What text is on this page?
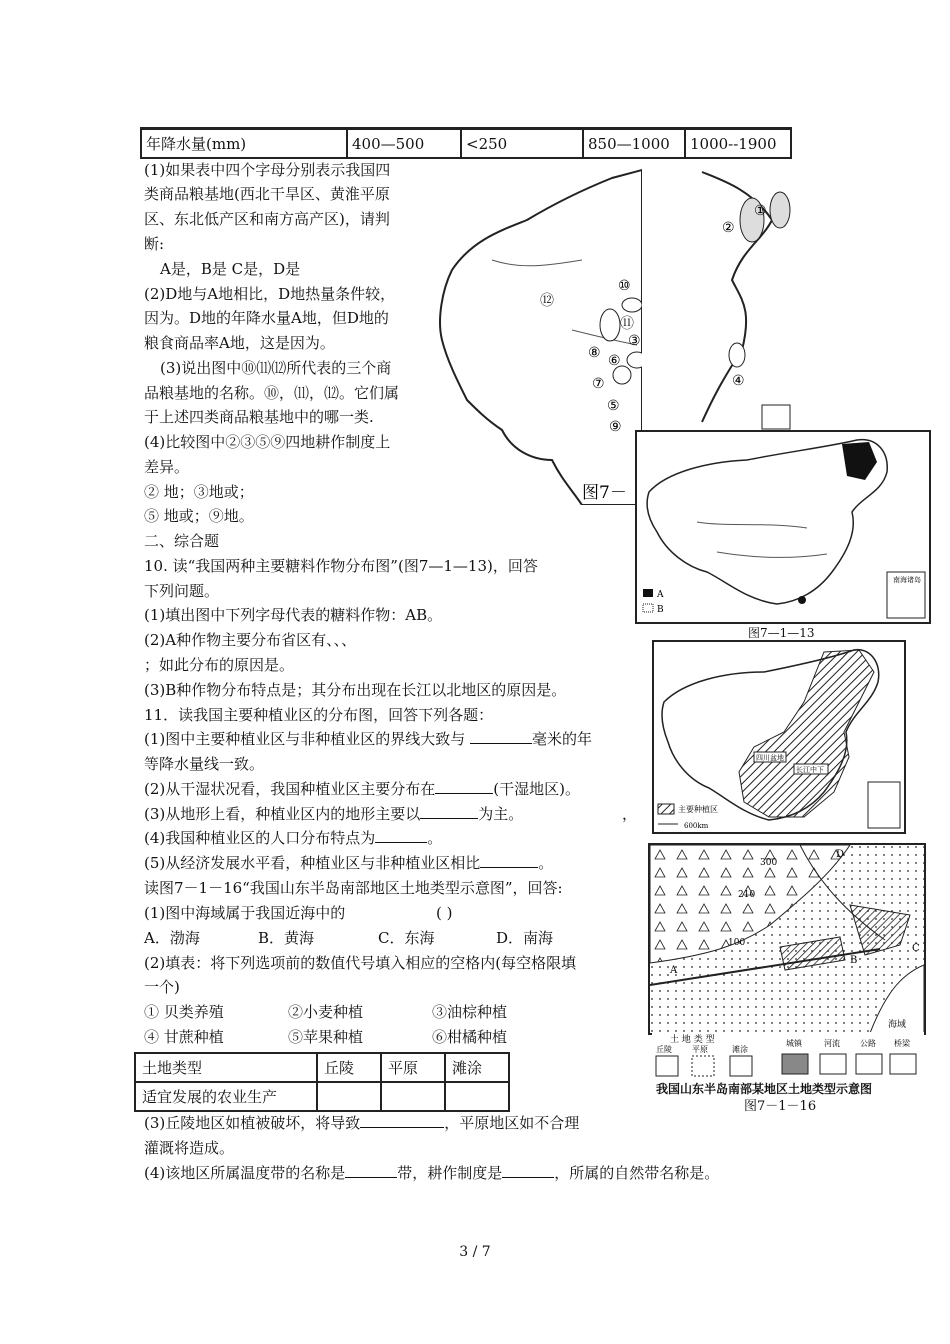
年降水量(mm)	400—500	<250	850—1000	1000--1900
(1)如果表中四个字母分别表示我国四
类商品粮基地(西北干旱区、黄淮平原
区、东北低产区和南方高产区)，请判
断:
A是，B是 C是，D是
(2)D地与A地相比，D地热量条件较，
因为。D地的年降水量A地，但D地的
粮食商品率A地，这是因为。
(3)说出图中⑩⑾⑿所代表的三个商
品粮基地的名称。⑩，⑾，⑿。它们属
于上述四类商品粮基地中的哪一类.
(4)比较图中②③⑤⑨四地耕作制度上
差异。
② 地；③地或；
⑤ 地或；⑨地。
二、综合题
10. 读“我国两种主要糖料作物分布图”(图7—1—13)，回答
下列问题。
(1)填出图中下列字母代表的糖料作物：AB。
(2)A种作物主要分布省区有、、、
；如此分布的原因是。
(3)B种作物分布特点是；其分布出现在长江以北地区的原因是。
11．读我国主要种植业区的分布图，回答下列各题：
(1)图中主要种植业区与非种植业区的界线大致与	毫米的年
等降水量线一致。
(2)从干湿状况看，我国种植业区主要分布在	(干湿地区)。
(3)从地形上看，种植业区内的地形主要以	为主。	，
(4)我国种植业区的人口分布特点为	。
(5)从经济发展水平看，种植业区与非种植业区相比	。
读图7－1－16“我国山东半岛南部地区土地类型示意图”，回答:
(1)图中海域属于我国近海中的	( )
A．渤海	B．黄海	C．东海	D．南海
(2)填表：将下列选项前的数值代号填入相应的空格内(每空格限填
一个)
① 贝类养殖	②小麦种植	③油棕种植
④ 甘蔗种植	⑤苹果种植	⑥柑橘种植
土地类型	丘陵	平原	滩涂
适宜发展的农业生产			
(3)丘陵地区如植被破坏，将导致	，平原地区如不合理
灌溉将造成。
(4)该地区所属温度带的名称是	带，耕作制度是	，所属的自然带名称是。
⑫
⑩
⑪
⑧
③
⑥
⑦
⑤
⑨
图7－
①
②
④
A
B
南海诸岛
图7—1—13
四川盆地
长江中下
主要种植区
600km
300
210
100
A
B
C
D
海域
土 地 类 型
丘陵	平原	滩涂
城镇	河流	公路 桥梁
我国山东半岛南部某地区土地类型示意图
图7－1－16
3 / 7
